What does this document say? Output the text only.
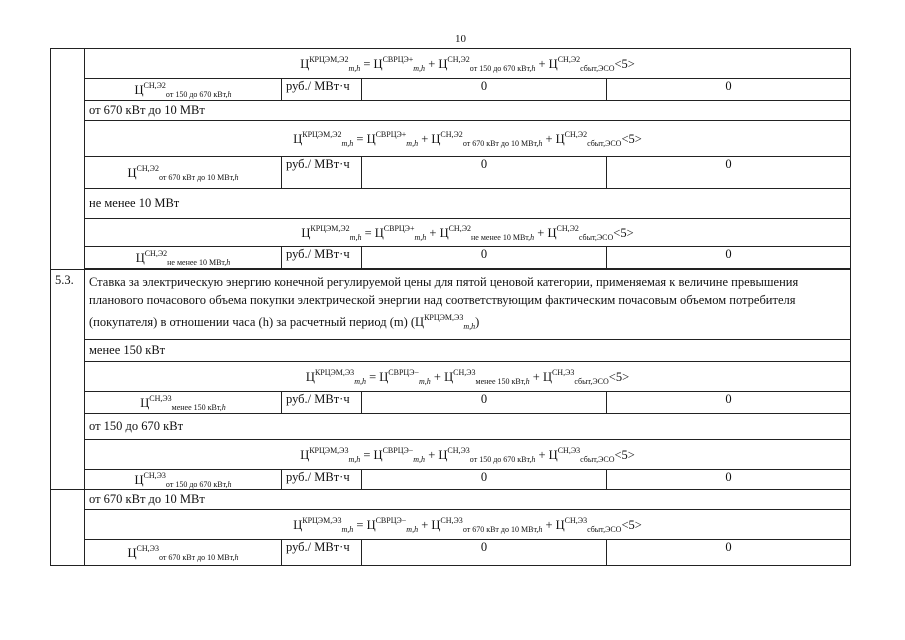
10
	$Ц^{КРЦЭМ,Э2}_{m,h} = Ц^{СВРЦЭ+}_{m,h} + Ц^{СН,Э2}_{от 150 до 670 кВт,h} + Ц^{СН,Э2}_{сбыт,ЭСО}<5>$			
	$Ц^{СН,Э2}_{от 150 до 670 кВт,h}$	руб./ МВт·ч	0	0
	от 670 кВт до 10 МВт			
	$Ц^{КРЦЭМ,Э2}_{m,h} = Ц^{СВРЦЭ+}_{m,h} + Ц^{СН,Э2}_{от 670 кВт до 10 МВт,h} + Ц^{СН,Э2}_{сбыт,ЭСО}<5>$			
	$Ц^{СН,Э2}_{от 670 кВт до 10 МВт,h}$	руб./ МВт·ч	0	0
	не менее 10 МВт			
	$Ц^{КРЦЭМ,Э2}_{m,h} = Ц^{СВРЦЭ+}_{m,h} + Ц^{СН,Э2}_{не менее 10 МВт,h} + Ц^{СН,Э2}_{сбыт,ЭСО}<5>$			
	$Ц^{СН,Э2}_{не менее 10 МВт,h}$	руб./ МВт·ч	0	0

5.3.	Ставка за электрическую энергию конечной регулируемой цены для пятой ценовой категории, применяемая к величине превышения планового почасового объема покупки электрической энергии над соответствующим фактическим почасовым объемом потребителя (покупателя) в отношении часа (h) за расчетный период (m) $(Ц^{КРЦЭМ,Э3}_{m,h})$			
	менее 150 кВт			
	$Ц^{КРЦЭМ,Э3}_{m,h} = Ц^{СВРЦЭ-}_{m,h} + Ц^{СН,Э3}_{менее 150 кВт,h} + Ц^{СН,Э3}_{сбыт,ЭСО}<5>$			
	$Ц^{СН,Э3}_{менее 150 кВт,h}$	руб./ МВт·ч	0	0
	от 150 до 670 кВт			
	$Ц^{КРЦЭМ,Э3}_{m,h} = Ц^{СВРЦЭ-}_{m,h} + Ц^{СН,Э3}_{от 150 до 670 кВт,h} + Ц^{СН,Э3}_{сбыт,ЭСО}<5>$			
	$Ц^{СН,Э3}_{от 150 до 670 кВт,h}$	руб./ МВт·ч	0	0
	от 670 кВт до 10 МВт			
	$Ц^{КРЦЭМ,Э3}_{m,h} = Ц^{СВРЦЭ-}_{m,h} + Ц^{СН,Э3}_{от 670 кВт до 10 МВт,h} + Ц^{СН,Э3}_{сбыт,ЭСО}<5>$			
	$Ц^{СН,Э3}_{от 670 кВт до 10 МВт,h}$	руб./ МВт·ч	0	0
